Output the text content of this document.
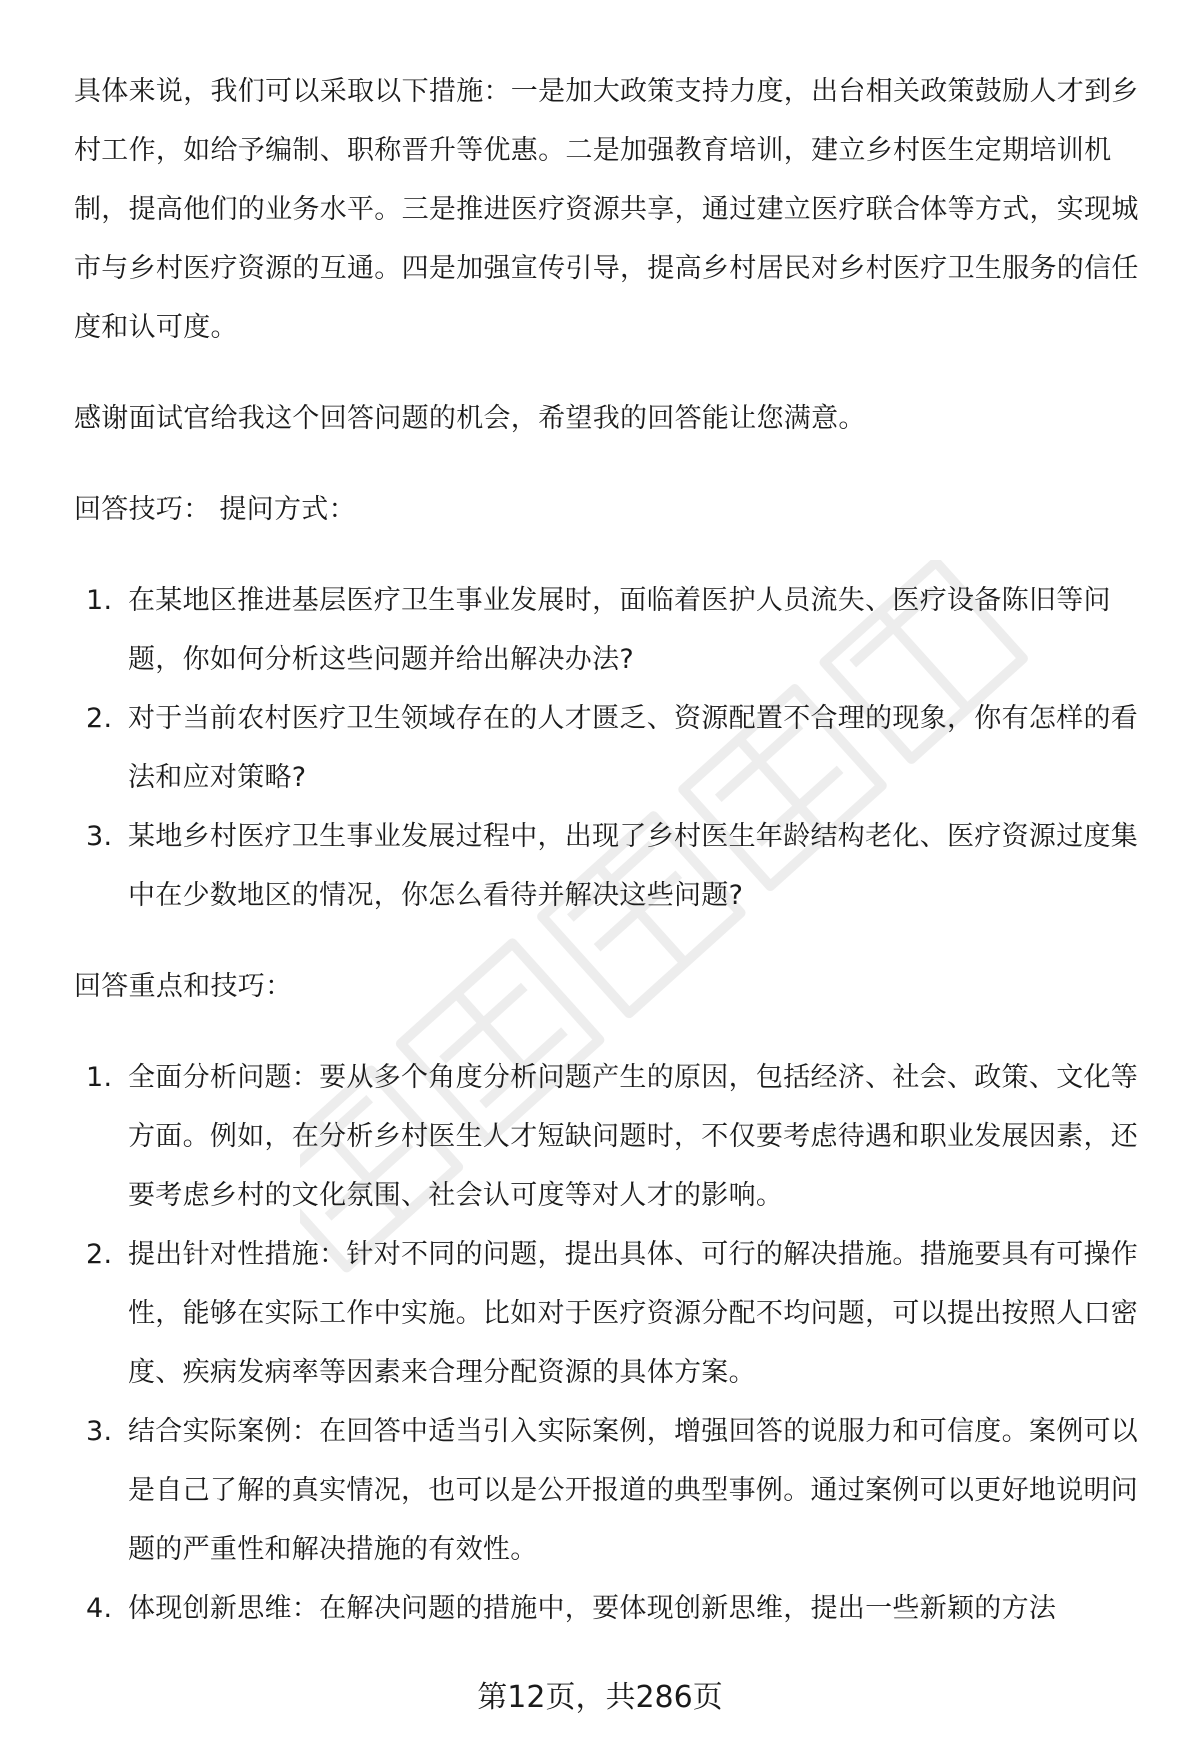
具体来说，我们可以采取以下措施：一是加大政策支持力度，出台相关政策鼓励人才到乡村工作，如给予编制、职称晋升等优惠。二是加强教育培训，建立乡村医生定期培训机制，提高他们的业务水平。三是推进医疗资源共享，通过建立医疗联合体等方式，实现城市与乡村医疗资源的互通。四是加强宣传引导，提高乡村居民对乡村医疗卫生服务的信任度和认可度。

感谢面试官给我这个回答问题的机会，希望我的回答能让您满意。

回答技巧： 提问方式：

1. 在某地区推进基层医疗卫生事业发展时，面临着医护人员流失、医疗设备陈旧等问题，你如何分析这些问题并给出解决办法?
2. 对于当前农村医疗卫生领域存在的人才匮乏、资源配置不合理的现象，你有怎样的看法和应对策略?
3. 某地乡村医疗卫生事业发展过程中，出现了乡村医生年龄结构老化、医疗资源过度集中在少数地区的情况，你怎么看待并解决这些问题?

回答重点和技巧：

1. 全面分析问题：要从多个角度分析问题产生的原因，包括经济、社会、政策、文化等方面。例如，在分析乡村医生人才短缺问题时，不仅要考虑待遇和职业发展因素，还要考虑乡村的文化氛围、社会认可度等对人才的影响。
2. 提出针对性措施：针对不同的问题，提出具体、可行的解决措施。措施要具有可操作性，能够在实际工作中实施。比如对于医疗资源分配不均问题，可以提出按照人口密度、疾病发病率等因素来合理分配资源的具体方案。
3. 结合实际案例：在回答中适当引入实际案例，增强回答的说服力和可信度。案例可以是自己了解的真实情况，也可以是公开报道的典型事例。通过案例可以更好地说明问题的严重性和解决措施的有效性。
4. 体现创新思维：在解决问题的措施中，要体现创新思维，提出一些新颖的方法
第12页，共286页
